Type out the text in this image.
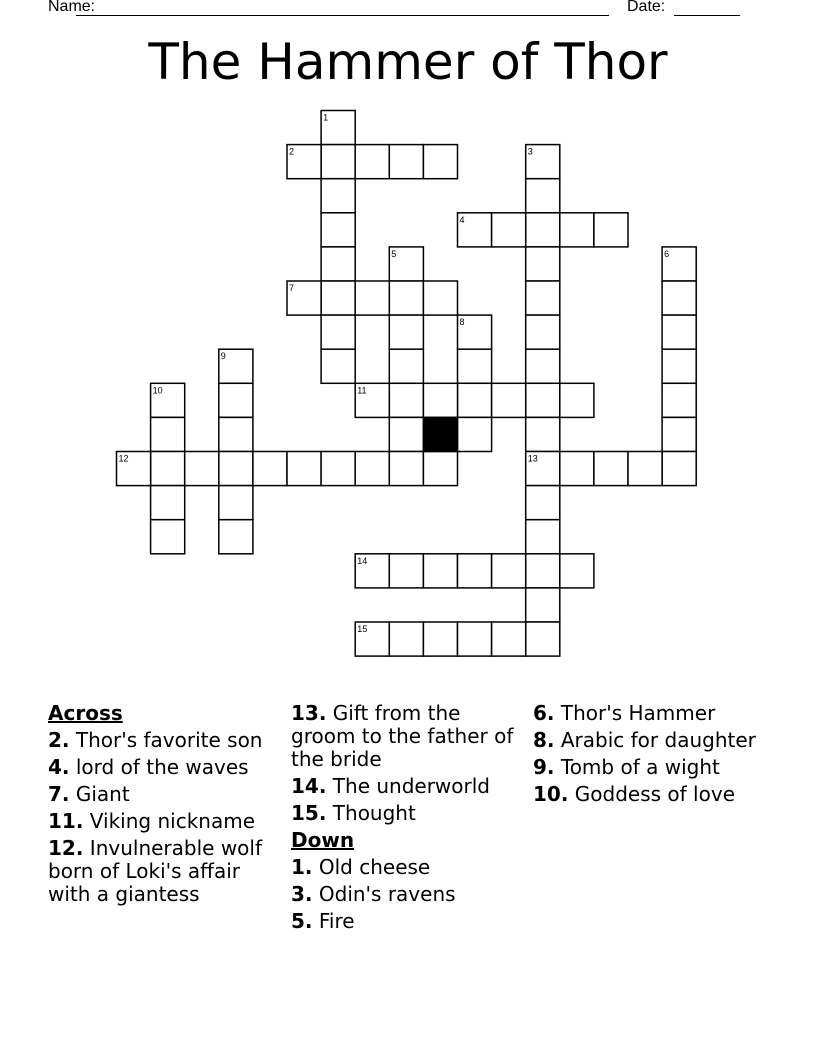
Name:	Date:
The Hammer of Thor
1
2	3
4
5	6
7
8
9
10	11
12	13
14
15
Across
2. Thor's favorite son
4. lord of the waves
7. Giant
11. Viking nickname
12. Invulnerable wolf born of Loki's affair with a giantess
13. Gift from the groom to the father of the bride
14. The underworld
15. Thought
Down
1. Old cheese
3. Odin's ravens
5. Fire
6. Thor's Hammer
8. Arabic for daughter
9. Tomb of a wight
10. Goddess of love
